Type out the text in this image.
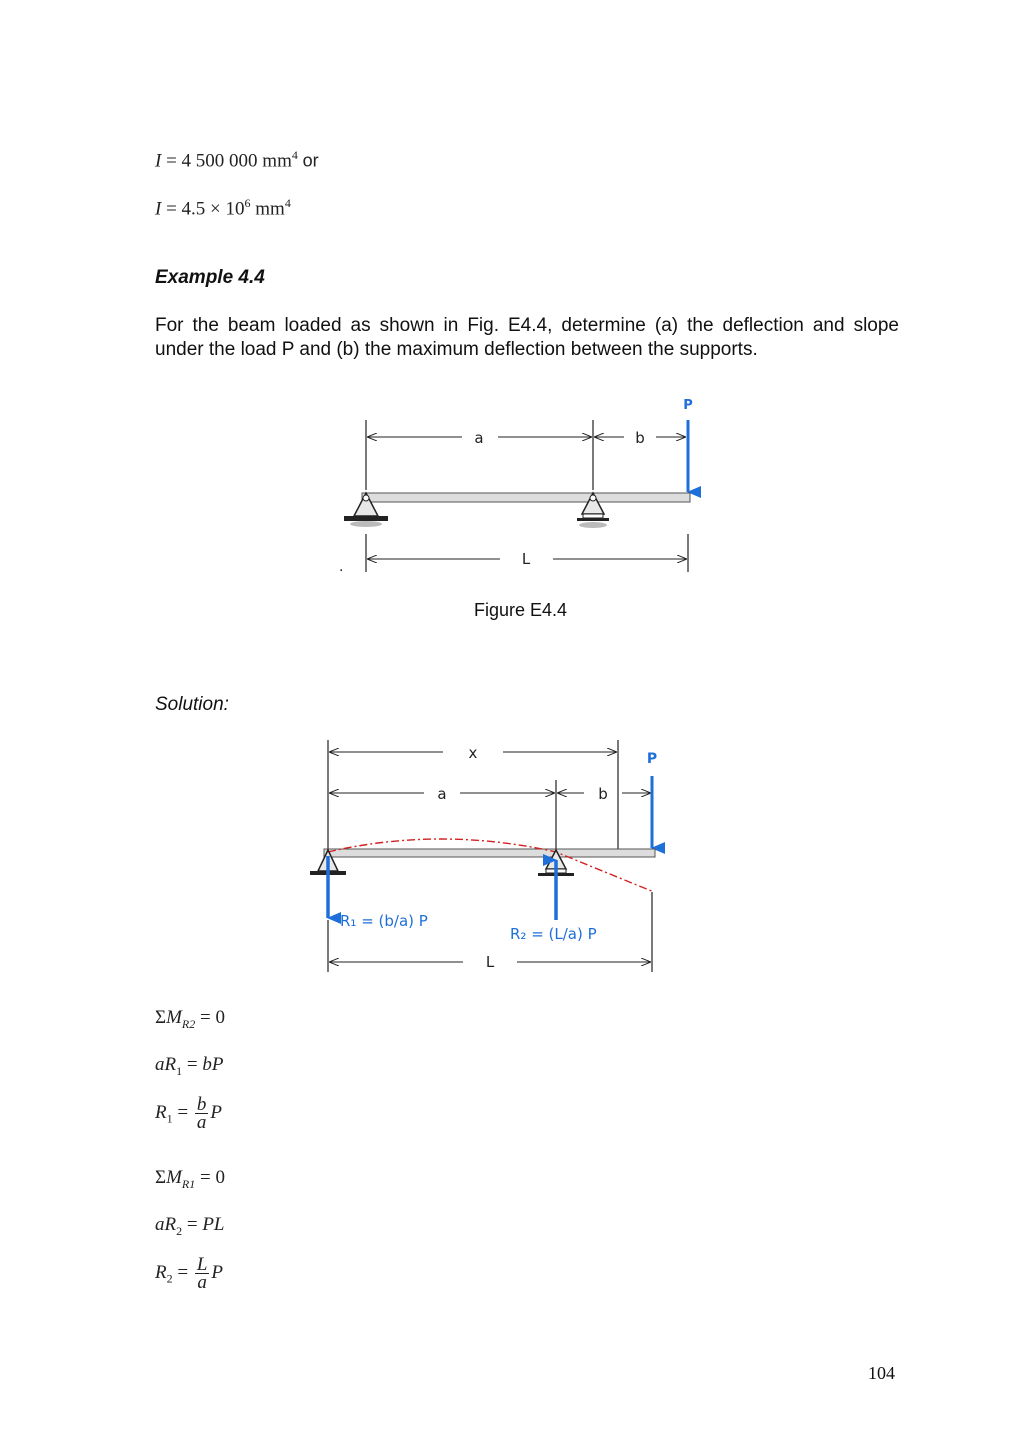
I = 4 500 000 $mm^4$ or
$I = 4.5 \times 10^6$ $mm^4$
Example 4.4
For the beam loaded as shown in Fig. E4.4, determine (a) the deflection and slope under the load P and (b) the maximum deflection between the supports.
a	b
P
L
.
Figure E4.4
Solution:
x
a	b
P
R₁ = (b/a) P
R₂ = (L/a) P
L
$\Sigma M_{R2} = 0$
$aR_1$ = bP
$R_1 = \frac{b}{a}$ P
$\Sigma M_{R1} = 0$
$aR_2$ = PL
$R_2 = \frac{L}{a}$ P
104
